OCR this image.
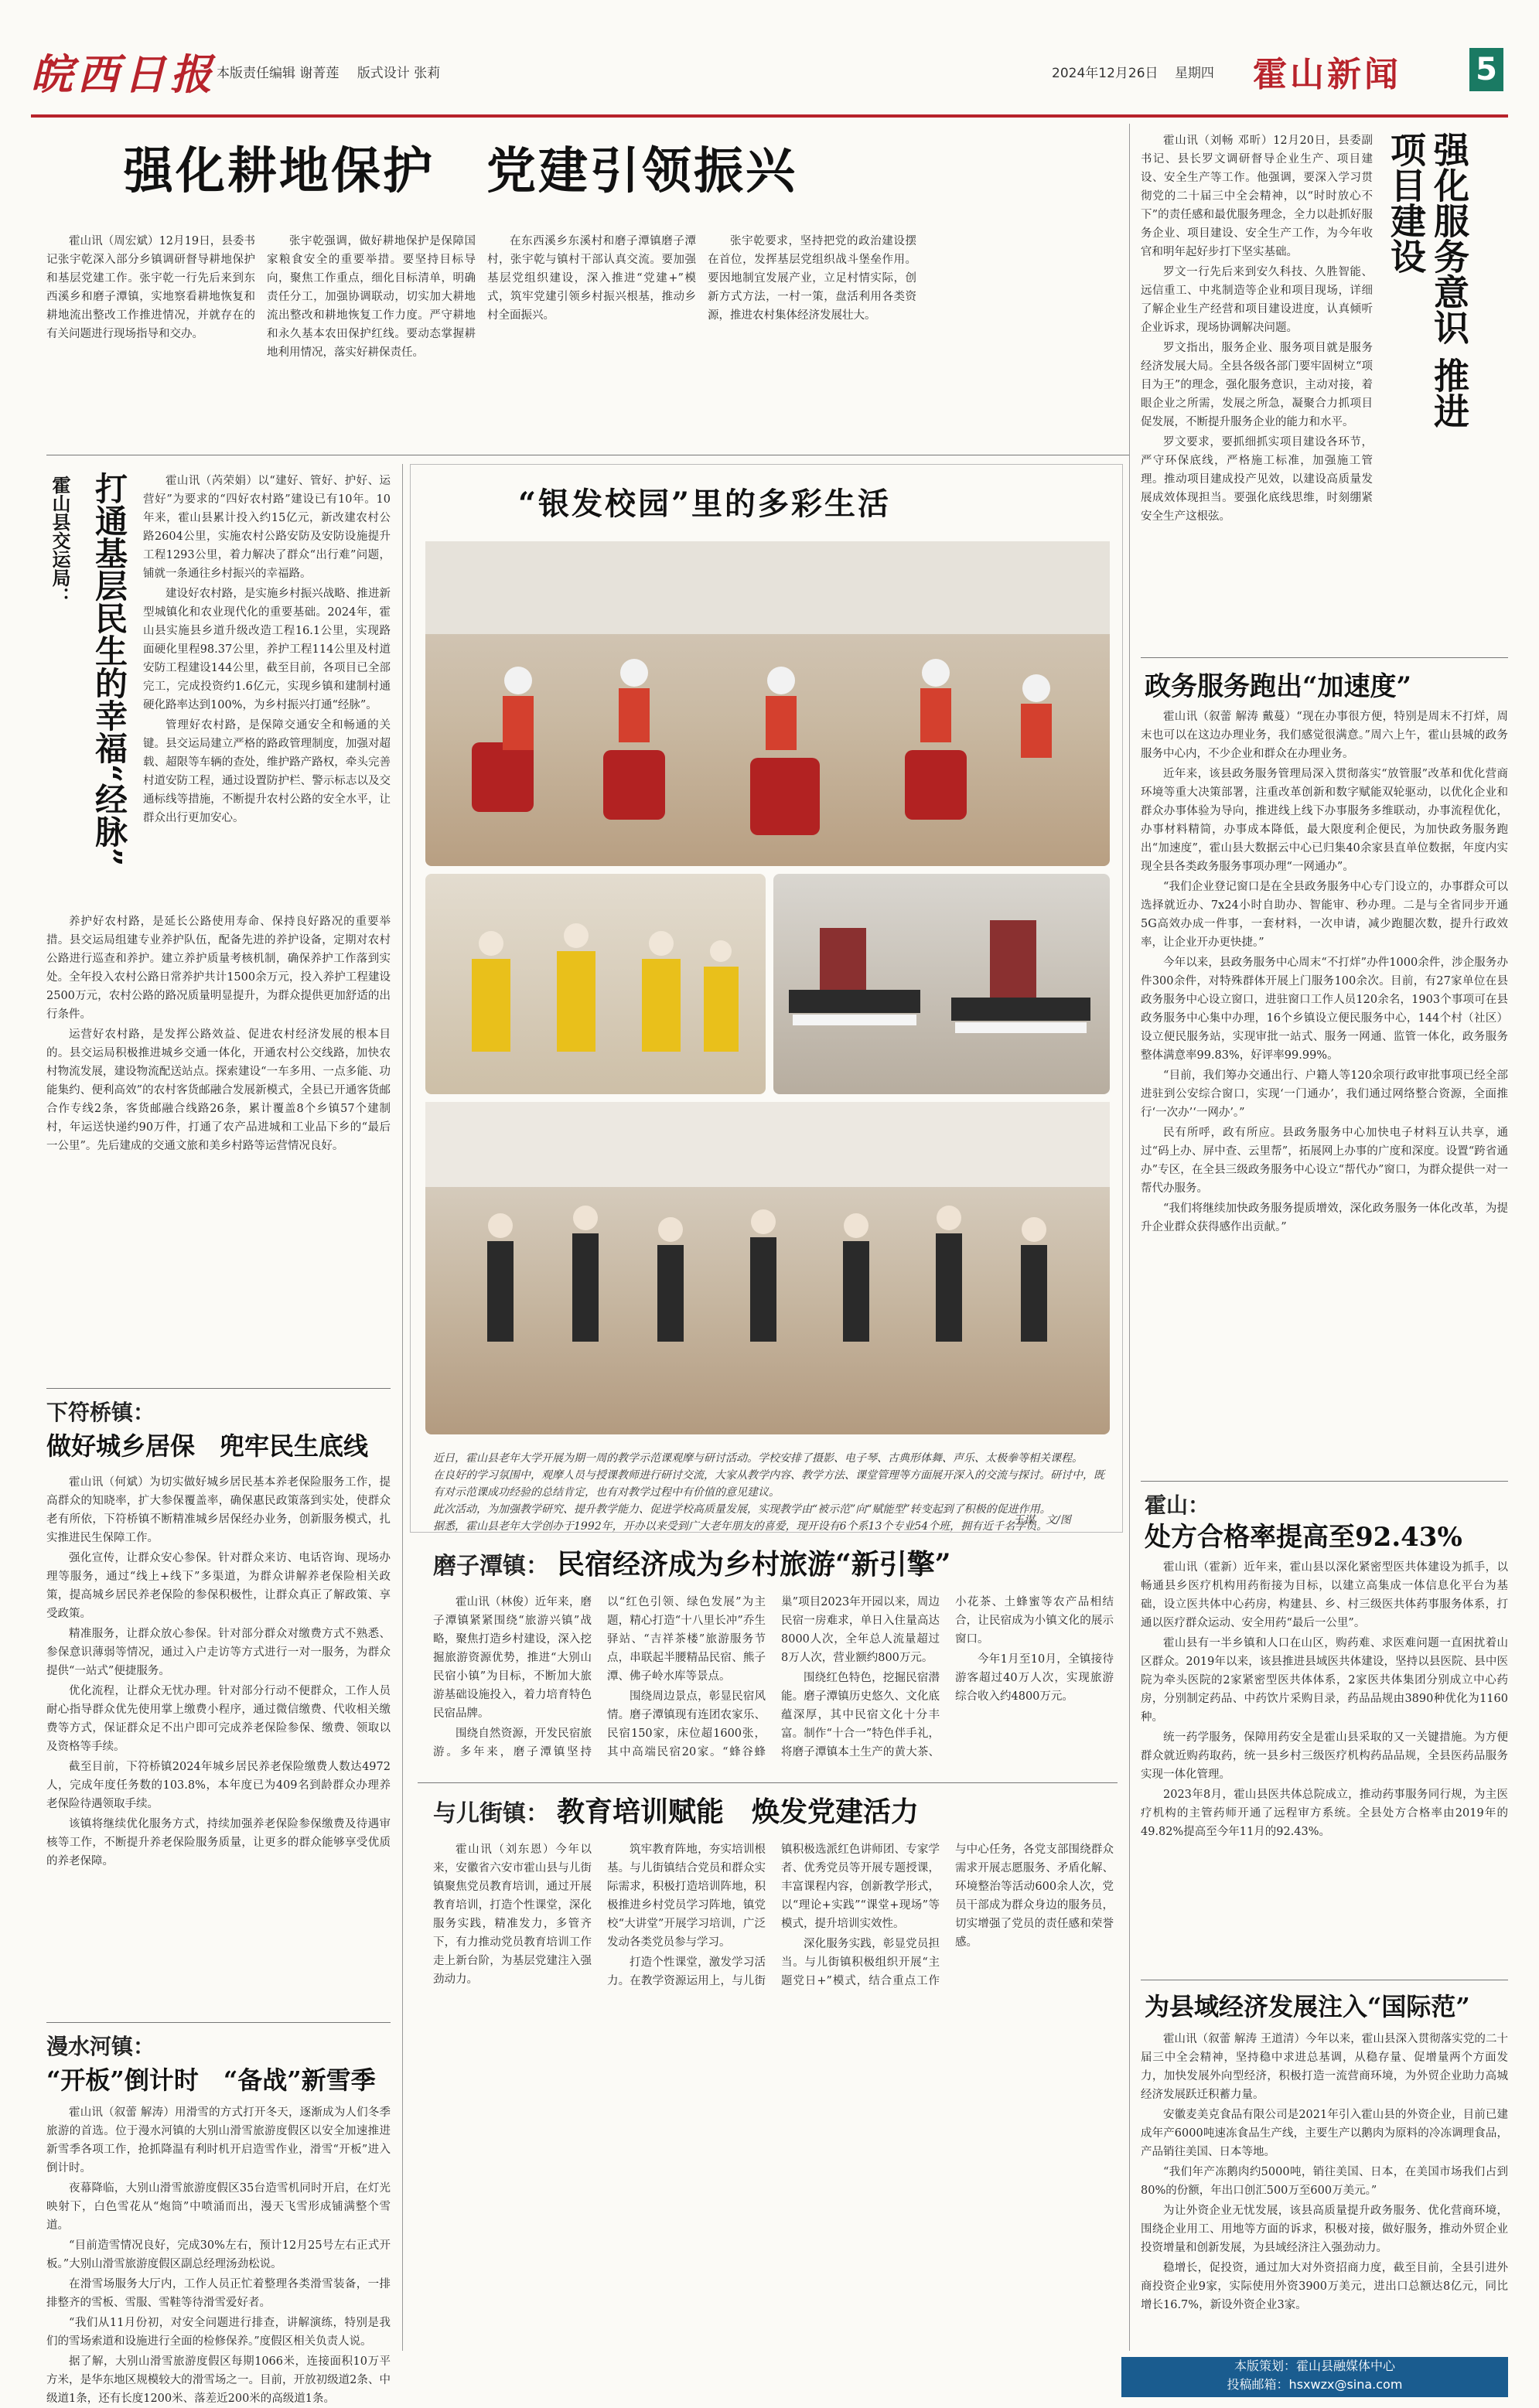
皖西日报 本版责任编辑 谢菁莲 版式设计 张莉	2024年12月26日 星期四	霍山新闻 5
强化耕地保护　党建引领振兴

霍山讯（周宏斌）12月19日，县委书记张宇乾深入部分乡镇调研督导耕地保护和基层党建工作。张宇乾一行先后来到东西溪乡和磨子潭镇，实地察看耕地恢复和耕地流出整改工作推进情况，并就存在的有关问题进行现场指导和交办。

张宇乾强调，做好耕地保护是保障国家粮食安全的重要举措。要坚持目标导向，聚焦工作重点，细化目标清单，明确责任分工，加强协调联动，切实加大耕地流出整改和耕地恢复工作力度。严守耕地和永久基本农田保护红线。要动态掌握耕地利用情况，落实好耕保责任。

在东西溪乡东溪村和磨子潭镇磨子潭村，张宇乾与镇村干部认真交流。要加强基层党组织建设，深入推进“党建+”模式，筑牢党建引领乡村振兴根基，推动乡村全面振兴。

张宇乾要求，坚持把党的政治建设摆在首位，发挥基层党组织战斗堡垒作用。要因地制宜发展产业，立足村情实际，创新方式方法，一村一策，盘活利用各类资源，推进农村集体经济发展壮大。	强化服务意识 推进项目建设

霍山讯（刘畅 邓昕）12月20日，县委副书记、县长罗文调研督导企业生产、项目建设、安全生产等工作。他强调，要深入学习贯彻党的二十届三中全会精神，以“时时放心不下”的责任感和最优服务理念，全力以赴抓好服务企业、项目建设、安全生产工作，为今年收官和明年起好步打下坚实基础。

罗文一行先后来到安久科技、久胜智能、远信重工、中兆制造等企业和项目现场，详细了解企业生产经营和项目建设进度，认真倾听企业诉求，现场协调解决问题。

罗文指出，服务企业、服务项目就是服务经济发展大局。全县各级各部门要牢固树立“项目为王”的理念，强化服务意识，主动对接，着眼企业之所需，发展之所急，凝聚合力抓项目促发展，不断提升服务企业的能力和水平。

罗文要求，要抓细抓实项目建设各环节，严守环保底线，严格施工标准，加强施工管理。推动项目建成投产见效，以建设高质量发展成效体现担当。要强化底线思维，时刻绷紧安全生产这根弦。

霍山县交运局： 打通基层民生的幸福“经脉”	霍山讯（芮荣娟）以“建好、管好、护好、运营好”为要求的“四好农村路”建设已有10年。10年来，霍山县累计投入约15亿元，新改建农村公路2604公里，实施农村公路安防及安防设施提升工程1293公里，着力解决了群众“出行难”问题，铺就一条通往乡村振兴的幸福路。

建设好农村路，是实施乡村振兴战略、推进新型城镇化和农业现代化的重要基础。2024年，霍山县实施县乡道升级改造工程16.1公里，实现路面硬化里程98.37公里，养护工程114公里及村道安防工程建设144公里，截至目前，各项目已全部完工，完成投资约1.6亿元，实现乡镇和建制村通硬化路率达到100%，为乡村振兴打通“经脉”。

管理好农村路，是保障交通安全和畅通的关键。县交运局建立严格的路政管理制度，加强对超载、超限等车辆的查处，维护路产路权，牵头完善村道安防工程，通过设置防护栏、警示标志以及交通标线等措施，不断提升农村公路的安全水平，让群众出行更加安心。

养护好农村路，是延长公路使用寿命、保持良好路况的重要举措。县交运局组建专业养护队伍，配备先进的养护设备，定期对农村公路进行巡查和养护。建立养护质量考核机制，确保养护工作落到实处。全年投入农村公路日常养护共计1500余万元，投入养护工程建设2500万元，农村公路的路况质量明显提升，为群众提供更加舒适的出行条件。

运营好农村路，是发挥公路效益、促进农村经济发展的根本目的。县交运局积极推进城乡交通一体化，开通农村公交线路，加快农村物流发展，建设物流配送站点。探索建设“一车多用、一点多能、功能集约、便利高效”的农村客货邮融合发展新模式，全县已开通客货邮合作专线2条，客货邮融合线路26条，累计覆盖8个乡镇57个建制村，年运送快递约90万件，打通了农产品进城和工业品下乡的“最后一公里”。先后建成的交通文旅和美乡村路等运营情况良好。

下符桥镇：
做好城乡居保　兜牢民生底线

霍山讯（何斌）为切实做好城乡居民基本养老保险服务工作，提高群众的知晓率，扩大参保覆盖率，确保惠民政策落到实处，使群众老有所依，下符桥镇不断精准城乡居保经办业务，创新服务模式，扎实推进民生保障工作。

强化宣传，让群众安心参保。针对群众来访、电话咨询、现场办理等服务，通过“线上+线下”多渠道，为群众讲解养老保险相关政策，提高城乡居民养老保险的参保积极性，让群众真正了解政策、享受政策。

精准服务，让群众放心参保。针对部分群众对缴费方式不熟悉、参保意识薄弱等情况，通过入户走访等方式进行一对一服务，为群众提供“一站式”便捷服务。

优化流程，让群众无忧办理。针对部分行动不便群众，工作人员耐心指导群众优先使用掌上缴费小程序，通过微信缴费、代收相关缴费等方式，保证群众足不出户即可完成养老保险参保、缴费、领取以及资格等手续。

截至目前，下符桥镇2024年城乡居民养老保险缴费人数达4972人，完成年度任务数的103.8%，本年度已为409名到龄群众办理养老保险待遇领取手续。

该镇将继续优化服务方式，持续加强养老保险参保缴费及待遇审核等工作，不断提升养老保险服务质量，让更多的群众能够享受优质的养老保障。

漫水河镇：
“开板”倒计时　“备战”新雪季

霍山讯（叙蕾 解涛）用滑雪的方式打开冬天，逐渐成为人们冬季旅游的首选。位于漫水河镇的大别山滑雪旅游度假区以安全加速推进新雪季各项工作，抢抓降温有利时机开启造雪作业，滑雪“开板”进入倒计时。

夜幕降临，大别山滑雪旅游度假区35台造雪机同时开启，在灯光映射下，白色雪花从“炮筒”中喷涌而出，漫天飞雪形成铺满整个雪道。

“目前造雪情况良好，完成30%左右，预计12月25号左右正式开板。”大别山滑雪旅游度假区副总经理汤劲松说。

在滑雪场服务大厅内，工作人员正忙着整理各类滑雪装备，一排排整齐的雪板、雪服、雪鞋等待滑雪爱好者。

“我们从11月份初，对安全问题进行排查，讲解演练，特别是我们的雪场索道和设施进行全面的检修保养。”度假区相关负责人说。

据了解，大别山滑雪旅游度假区每期1066米，连接面积10万平方米，是华东地区规模较大的滑雪场之一。目前，开放初级道2条、中级道1条，还有长度1200米、落差近200米的高级道1条。

“银发校园”里的多彩生活
近日，霍山县老年大学开展为期一周的教学示范课观摩与研讨活动。学校安排了摄影、电子琴、古典形体舞、声乐、太极拳等相关课程。
在良好的学习氛围中，观摩人员与授课教师进行研讨交流，大家从教学内容、教学方法、课堂管理等方面展开深入的交流与探讨。研讨中，既有对示范课成功经验的总结肯定，也有对教学过程中有价值的意见建议。
此次活动，为加强教学研究、提升教学能力、促进学校高质量发展，实现教学由“被示范”向“赋能型”转变起到了积极的促进作用。
据悉，霍山县老年大学创办于1992年，开办以来受到广大老年朋友的喜爱，现开设有6个系13个专业54个班，拥有近千名学员。
王谋　文/图
磨子潭镇： 民宿经济成为乡村旅游“新引擎”

霍山讯（林俊）近年来，磨子潭镇紧紧围绕“旅游兴镇”战略，聚焦打造乡村建设，深入挖掘旅游资源优势，推进“大别山民宿小镇”为目标，不断加大旅游基础设施投入，着力培育特色民宿品牌。

围绕自然资源，开发民宿旅游。多年来，磨子潭镇坚持以“红色引领、绿色发展”为主题，精心打造“十八里长冲”乔生驿站、“吉祥茶楼”旅游服务节点，串联起半腰精品民宿、熊子潭、佛子岭水库等景点。

围绕周边景点，彰显民宿风情。磨子潭镇现有连团农家乐、民宿150家，床位超1600张，其中高端民宿20家。“蜂谷蜂巢”项目2023年开园以来，周边民宿一房难求，单日入住量高达8000人次，全年总人流量超过8万人次，营业额约800万元。

围绕红色特色，挖掘民宿潜能。磨子潭镇历史悠久、文化底蕴深厚，其中民宿文化十分丰富。制作“十合一”特色伴手礼，将磨子潭镇本土生产的黄大茶、小花茶、土蜂蜜等农产品相结合，让民宿成为小镇文化的展示窗口。

今年1月至10月，全镇接待游客超过40万人次，实现旅游综合收入约4800万元。

与儿街镇： 教育培训赋能　焕发党建活力

霍山讯（刘东恩）今年以来，安徽省六安市霍山县与儿街镇聚焦党员教育培训，通过开展教育培训，打造个性课堂，深化服务实践，精准发力，多管齐下，有力推动党员教育培训工作走上新台阶，为基层党建注入强劲动力。

筑牢教育阵地，夯实培训根基。与儿街镇结合党员和群众实际需求，积极打造培训阵地，积极推进乡村党员学习阵地，镇党校“大讲堂”开展学习培训，广泛发动各类党员参与学习。

打造个性课堂，激发学习活力。在教学资源运用上，与儿街镇积极选派红色讲师团、专家学者、优秀党员等开展专题授课，丰富课程内容，创新教学形式，以“理论+实践”“课堂+现场”等模式，提升培训实效性。

深化服务实践，彰显党员担当。与儿街镇积极组织开展“主题党日+”模式，结合重点工作与中心任务，各党支部围绕群众需求开展志愿服务、矛盾化解、环境整治等活动600余人次，党员干部成为群众身边的服务员，切实增强了党员的责任感和荣誉感。

政务服务跑出“加速度”

霍山讯（叙蕾 解涛 戴蔓）“现在办事很方便，特别是周末不打烊，周末也可以在这边办理业务，我们感觉很满意。”周六上午，霍山县城的政务服务中心内，不少企业和群众在办理业务。

近年来，该县政务服务管理局深入贯彻落实“放管服”改革和优化营商环境等重大决策部署，注重改革创新和数字赋能双轮驱动，以优化企业和群众办事体验为导向，推进线上线下办事服务多维联动，办事流程优化，办事材料精简，办事成本降低，最大限度利企便民，为加快政务服务跑出“加速度”，霍山县大数据云中心已归集40余家县直单位数据，年度内实现全县各类政务服务事项办理“一网通办”。

“我们企业登记窗口是在全县政务服务中心专门设立的，办事群众可以选择就近办、7x24小时自助办、智能审、秒办理。二是与全省同步开通5G高效办成一件事，一套材料，一次申请，减少跑腿次数，提升行政效率，让企业开办更快捷。”

今年以来，县政务服务中心周末“不打烊”办件1000余件，涉企服务办件300余件，对特殊群体开展上门服务100余次。目前，有27家单位在县政务服务中心设立窗口，进驻窗口工作人员120余名，1903个事项可在县政务服务中心集中办理，16个乡镇设立便民服务中心，144个村（社区）设立便民服务站，实现审批一站式、服务一网通、监管一体化，政务服务整体满意率99.83%，好评率99.99%。

“目前，我们筹办交通出行、户籍人等120余项行政审批事项已经全部进驻到公安综合窗口，实现‘一门通办’，我们通过网络整合资源，全面推行‘一次办’‘一网办’。”

民有所呼，政有所应。县政务服务中心加快电子材料互认共享，通过“码上办、屏中查、云里帮”，拓展网上办事的广度和深度。设置“跨省通办”专区，在全县三级政务服务中心设立“帮代办”窗口，为群众提供一对一帮代办服务。

“我们将继续加快政务服务提质增效，深化政务服务一体化改革，为提升企业群众获得感作出贡献。”

霍山：
处方合格率提高至92.43%

霍山讯（霍新）近年来，霍山县以深化紧密型医共体建设为抓手，以畅通县乡医疗机构用药衔接为目标，以建立高集成一体信息化平台为基础，设立医共体中心药房，构建县、乡、村三级医共体药事服务体系，打通以医疗群众运动、安全用药“最后一公里”。

霍山县有一半乡镇和人口在山区，购药难、求医难问题一直困扰着山区群众。2019年以来，该县推进县域医共体建设，坚持以县医院、县中医院为牵头医院的2家紧密型医共体体系，2家医共体集团分别成立中心药房，分别制定药品、中药饮片采购目录，药品品规由3890种优化为1160种。

统一药学服务，保障用药安全是霍山县采取的又一关键措施。为方便群众就近购药取药，统一县乡村三级医疗机构药品品规，全县医药品服务实现一体化管理。

2023年8月，霍山县医共体总院成立，推动药事服务同行规，为主医疗机构的主管药师开通了远程审方系统。全县处方合格率由2019年的49.82%提高至今年11月的92.43%。

为县域经济发展注入“国际范”

霍山讯（叙蕾 解涛 王道清）今年以来，霍山县深入贯彻落实党的二十届三中全会精神，坚持稳中求进总基调，从稳存量、促增量两个方面发力，加快发展外向型经济，积极打造一流营商环境，为外贸企业助力高城经济发展跃迁积蓄力量。

安徽麦美克食品有限公司是2021年引入霍山县的外资企业，目前已建成年产6000吨速冻食品生产线，主要生产以鹅肉为原料的冷冻调理食品，产品销往美国、日本等地。

“我们年产冻鹅肉约5000吨，销往美国、日本，在美国市场我们占到80%的份额，年出口创汇500万至600万美元。”

为让外资企业无忧发展，该县高质量提升政务服务、优化营商环境，围绕企业用工、用地等方面的诉求，积极对接，做好服务，推动外贸企业投资增量和创新发展，为县域经济注入强劲动力。

稳增长，促投资，通过加大对外资招商力度，截至目前，全县引进外商投资企业9家，实际使用外资3900万美元，进出口总额达8亿元，同比增长16.7%，新设外资企业3家。

本版策划：霍山县融媒体中心
投稿邮箱：hsxwzx@sina.com
